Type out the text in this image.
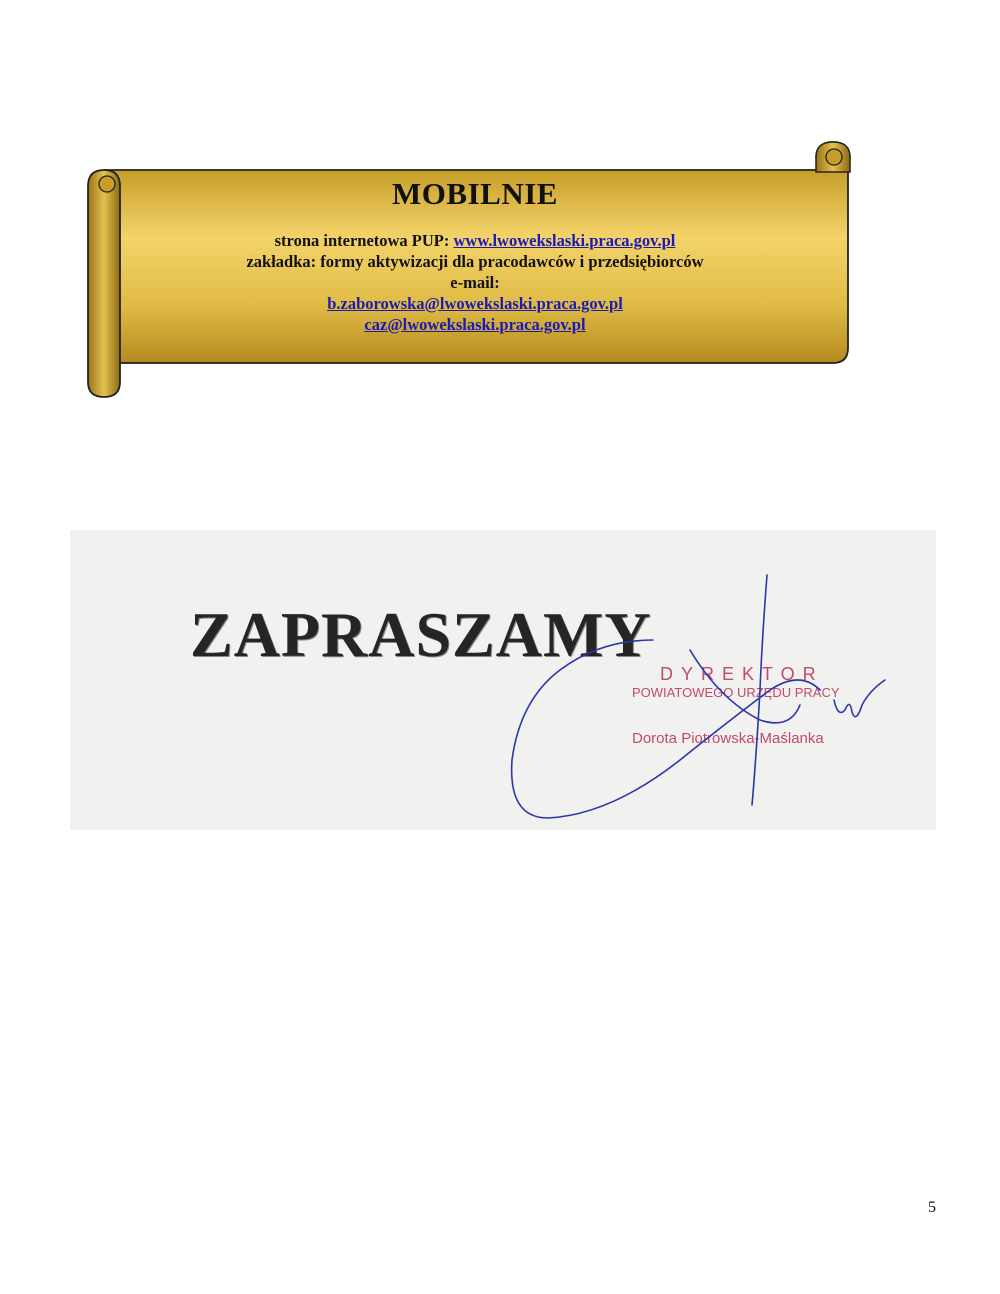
MOBILNIE

strona internetowa PUP: www.lwowekslaski.praca.gov.pl

zakładka: formy aktywizacji dla pracodawców i przedsiębiorców

e-mail:

b.zaborowska@lwowekslaski.praca.gov.pl

caz@lwowekslaski.praca.gov.pl

ZAPRASZAMY
DYREKTOR
POWIATOWEGO URZĘDU PRACY
Dorota Piotrowska-Maślanka
5
